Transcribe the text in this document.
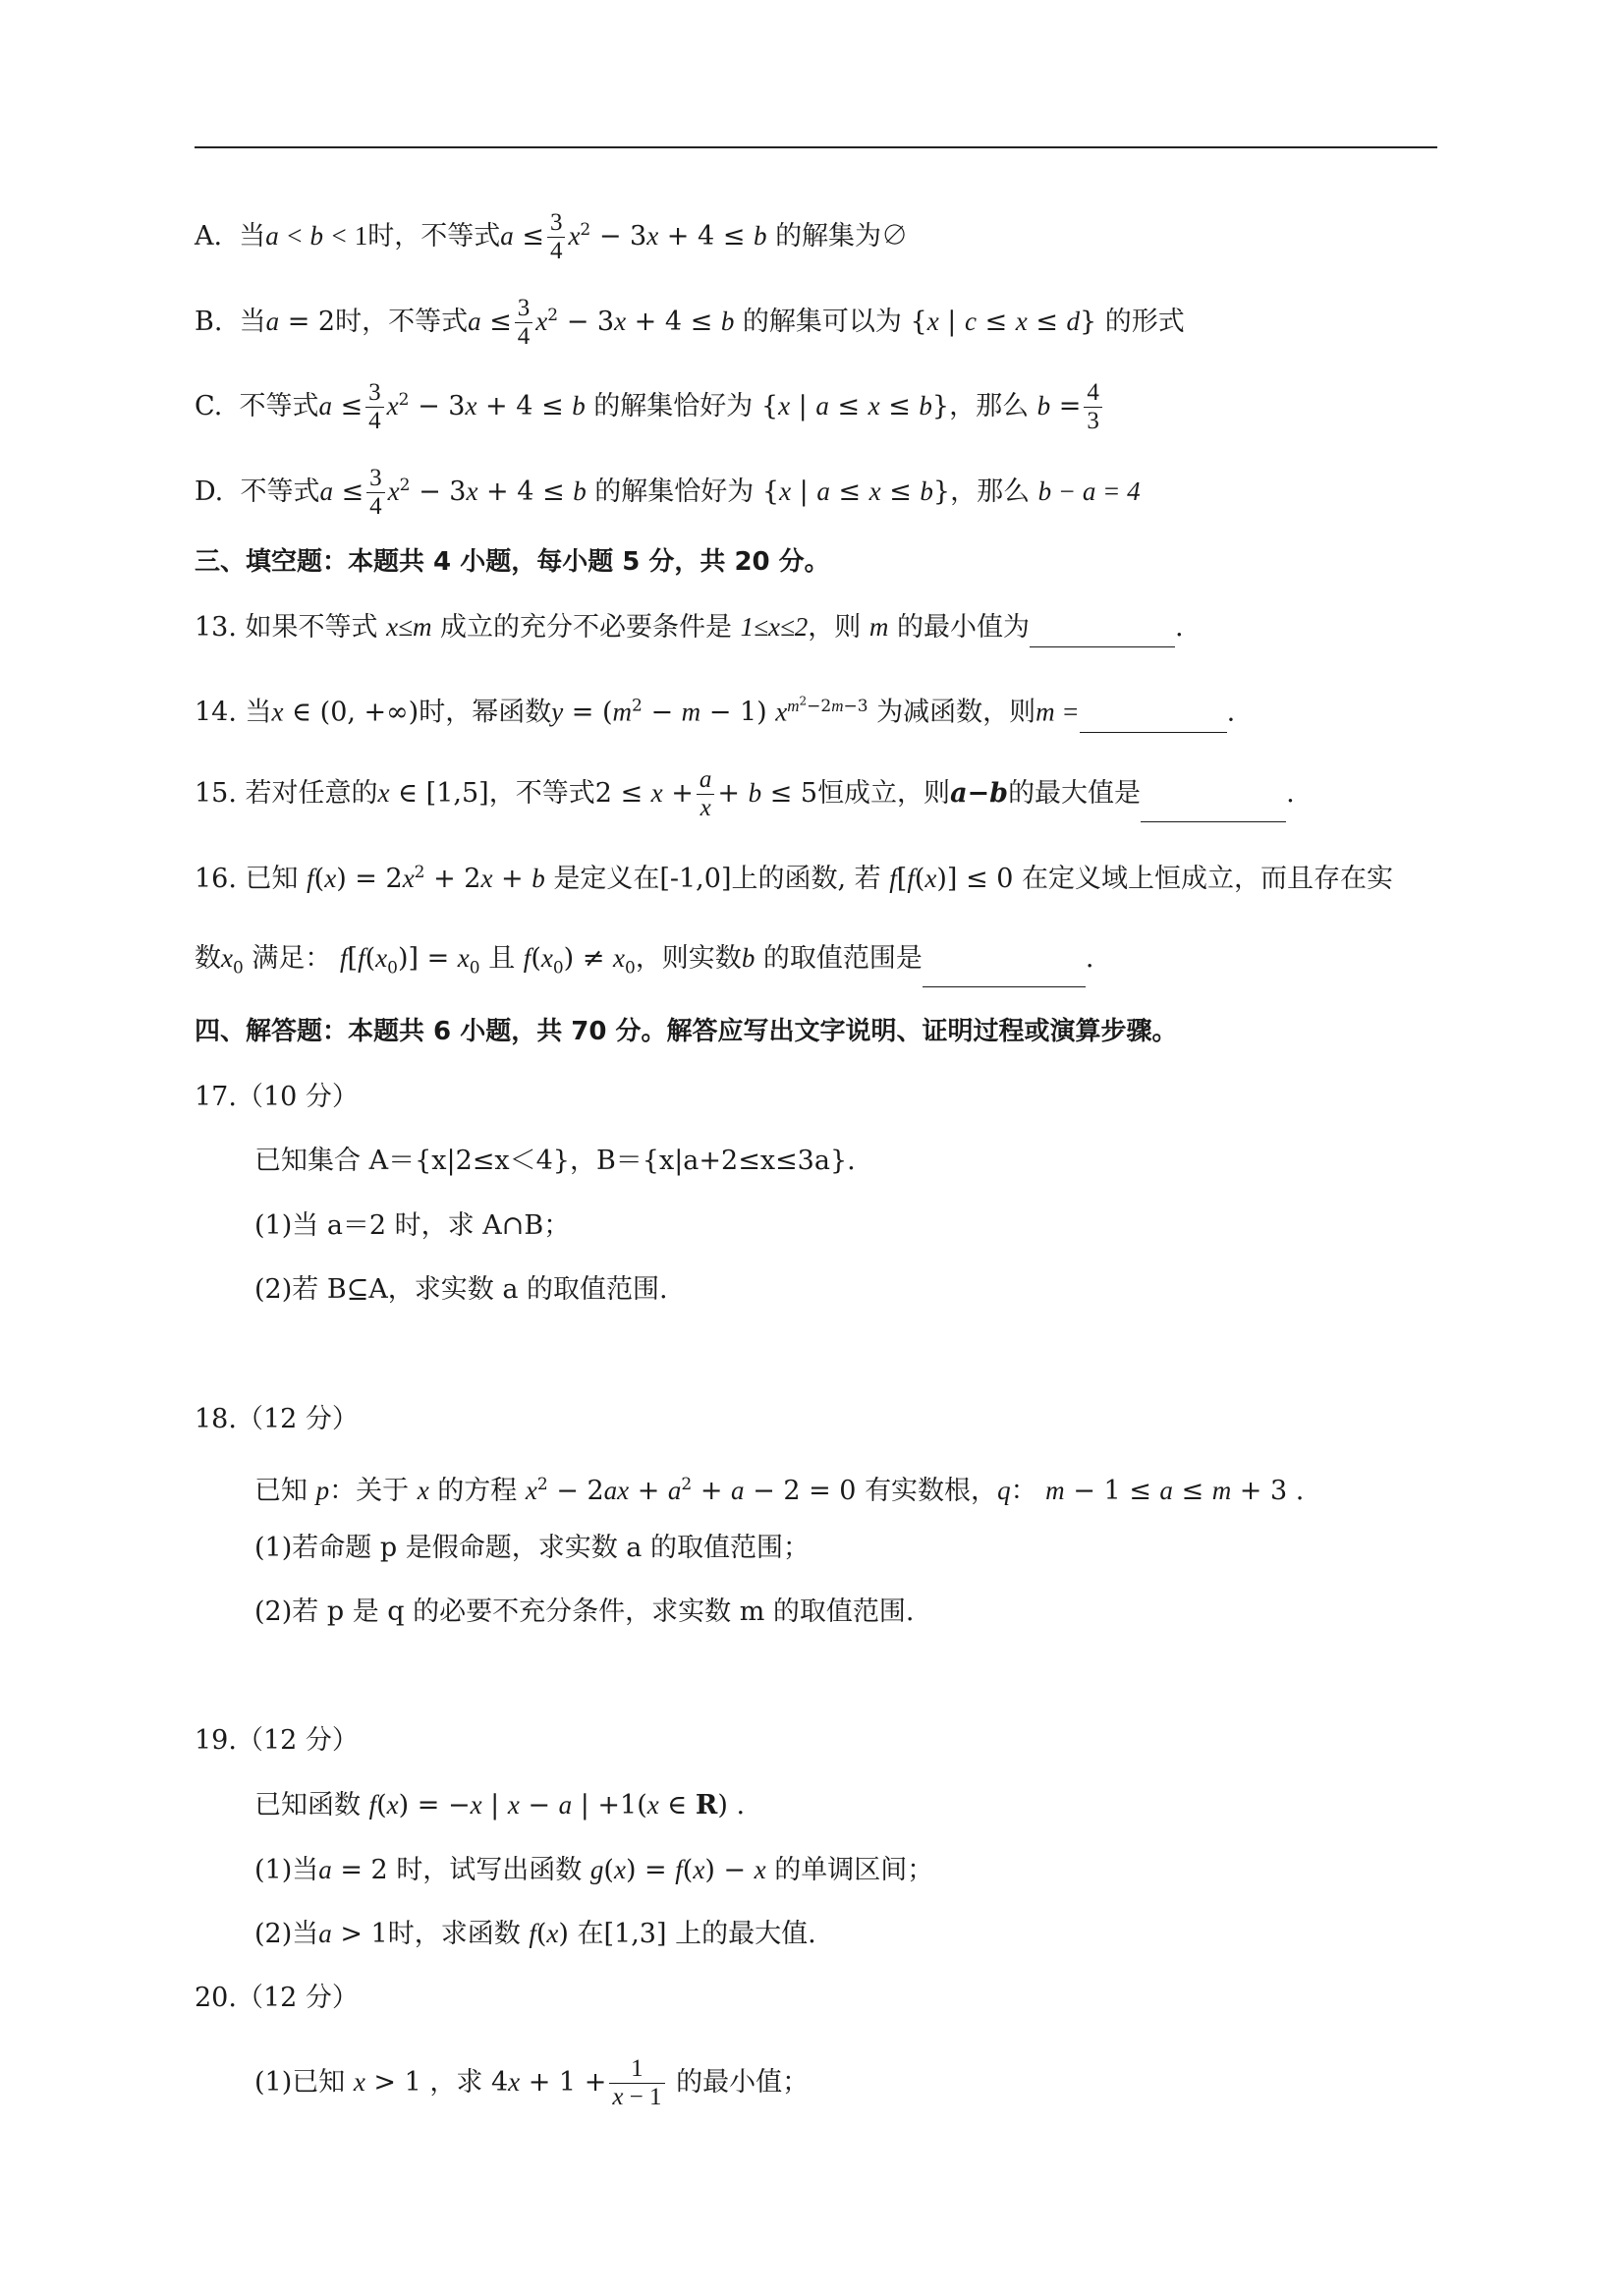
A. 当a < b < 1时，不等式$a \le \frac{3}{4} x^2 - 3x + 4 \le b$ 的解集为∅
B. 当a = 2时，不等式$a \le \frac{3}{4} x^2 - 3x + 4 \le b$ 的解集可以为 {x | c ≤ x ≤ d} 的形式
C. 不等式$a \le \frac{3}{4} x^2 - 3x + 4 \le b$ 的解集恰好为 {x | a ≤ x ≤ b}，那么 $b = \frac{4}{3}$
D. 不等式$a \le \frac{3}{4} x^2 - 3x + 4 \le b$ 的解集恰好为 {x | a ≤ x ≤ b}，那么 b − a = 4
三、填空题：本题共 4 小题，每小题 5 分，共 20 分。
13. 如果不等式 x≤m 成立的充分不必要条件是 1≤x≤2，则 m 的最小值为	.
14. 当x ∈ (0, +∞)时，幂函数$y = (m^2 - m - 1)$ $x^{m^2-2m-3}$ 为减函数，则m =	.
15. 若对任意的x ∈ [1,5]，不等式$2 \le x + \frac{a}{x} + b \le 5$恒成立，则a−b的最大值是	.
16. 已知 $f(x) = 2x^2 + 2x + b$ 是定义在[-1,0]上的函数, 若 f[f(x)] ≤ 0 在定义域上恒成立，而且存在实
数$x_0$ 满足： $f[f(x_0)] = x_0$ 且 $f(x_0) \ne x_0$，则实数b 的取值范围是	.
四、解答题：本题共 6 小题，共 70 分。解答应写出文字说明、证明过程或演算步骤。
17.（10 分）
已知集合 A＝{x|2≤x＜4}，B＝{x|a+2≤x≤3a}.
(1)当 a＝2 时，求 A∩B；
(2)若 B⊆A，求实数 a 的取值范围.
18.（12 分）
已知 p：关于 x 的方程 $x^2 - 2ax + a^2 + a - 2 = 0$ 有实数根，q： m − 1 ≤ a ≤ m + 3 .
(1)若命题 p 是假命题，求实数 a 的取值范围；
(2)若 p 是 q 的必要不充分条件，求实数 m 的取值范围.
19.（12 分）
已知函数 f(x) = −x | x − a | +1(x ∈ R) .
(1)当a = 2 时，试写出函数 g(x) = f(x) − x 的单调区间；
(2)当a > 1时，求函数 f(x) 在[1,3] 上的最大值.
20.（12 分）
(1)已知 x > 1 ，求 $4x + 1 + \frac{1}{x - 1}$ 的最小值；
